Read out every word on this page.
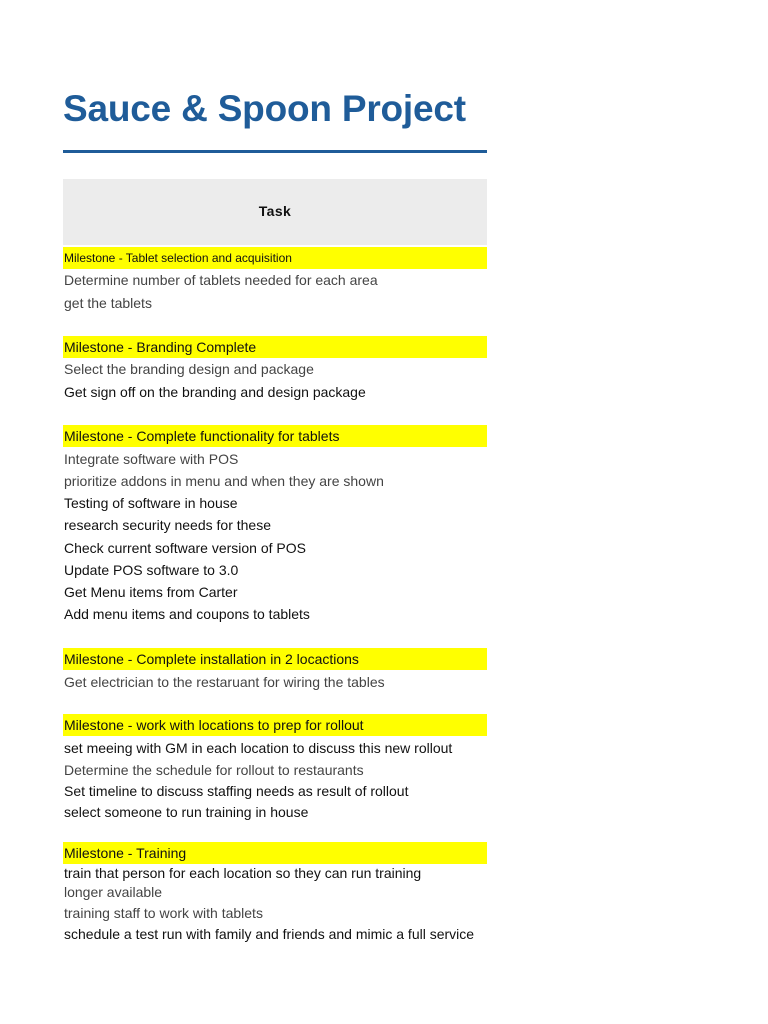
Sauce & Spoon Project
Task
Milestone - Tablet selection and acquisition
Determine number of tablets needed for each area
get the tablets
Milestone - Branding Complete
Select the branding design and package
Get sign off on the branding and design package
Milestone - Complete functionality for tablets
Integrate software with POS
prioritize addons in menu and when they are shown
Testing of software in house
research security needs for these
Check current software version of POS
Update POS software to 3.0
Get Menu items from Carter
Add menu items and coupons to tablets
Milestone - Complete installation in 2 locactions
Get electrician to the restaruant for wiring the tables
Milestone - work with locations to prep for rollout
set meeing with GM in each location to discuss this new rollout
Determine the schedule for rollout to restaurants
Set timeline to discuss staffing needs as result of rollout
select someone to run training in house
Milestone - Training
train that person for each location so they can run training
longer available
training staff to work with tablets
schedule a test run with family and friends and mimic a full service
